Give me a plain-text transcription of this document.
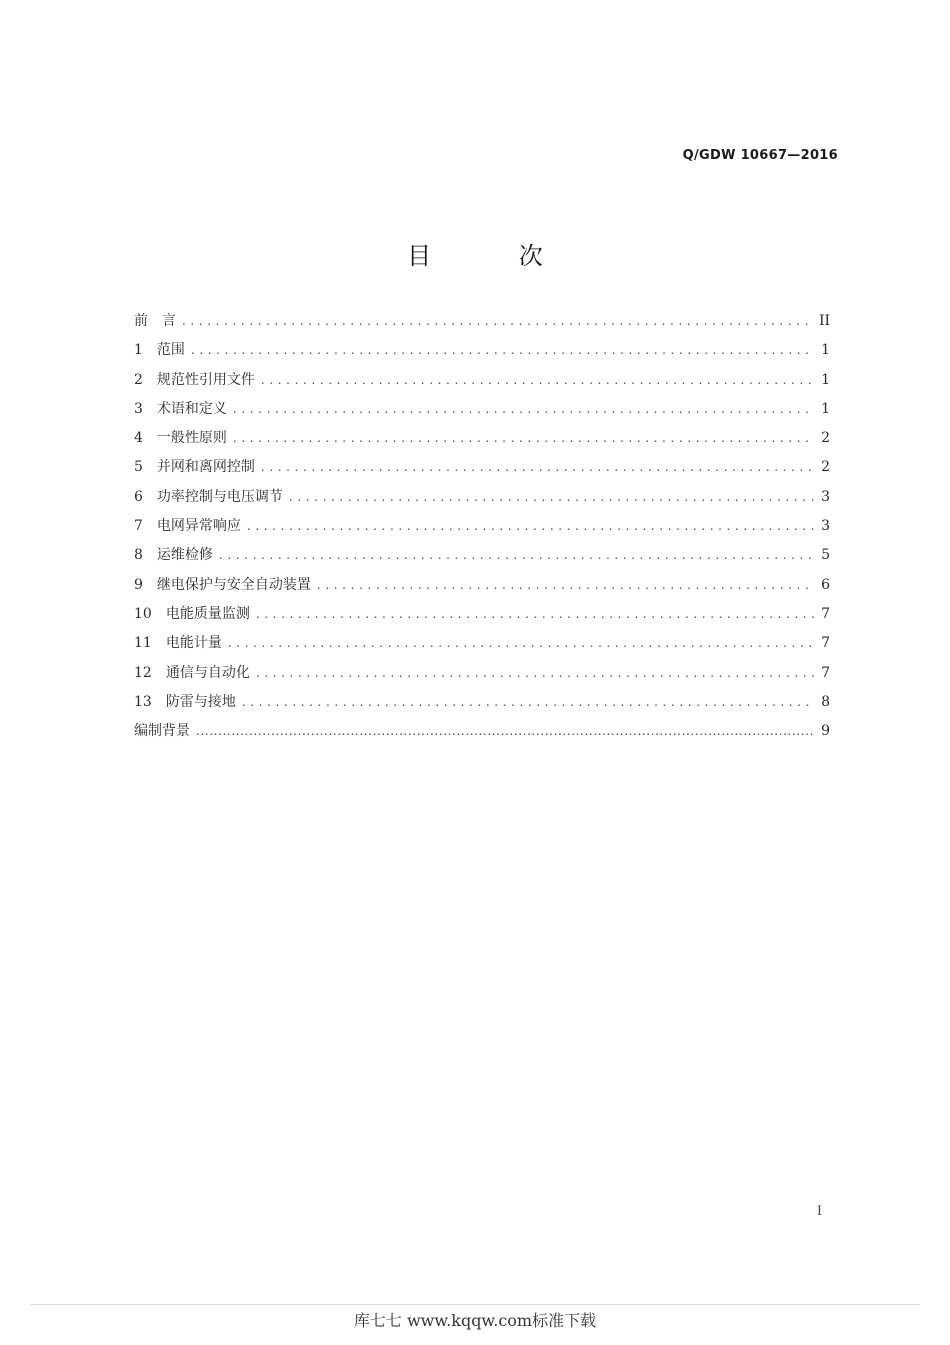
Q/GDW 10667—2016
目 次
前　言 .....	II
1　 范围 .....	1
2　 规范性引用文件 .....	1
3　 术语和定义 .....	1
4　 一般性原则 .....	2
5　 并网和离网控制 .....	2
6　 功率控制与电压调节 .....	3
7　 电网异常响应 .....	3
8　 运维检修 .....	5
9　 继电保护与安全自动装置 .....	6
10　 电能质量监测 .....	7
11　 电能计量 .....	7
12　 通信与自动化 .....	7
13　 防雷与接地 .....	8
编制背景 .....	9
I
库七七 www.kqqw.com标准下载
